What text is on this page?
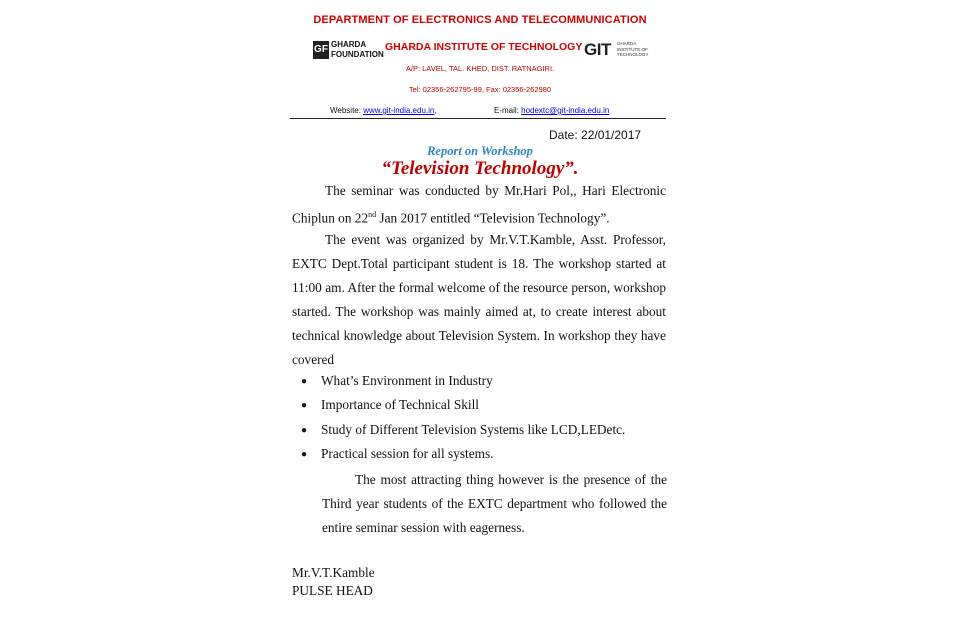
DEPARTMENT OF ELECTRONICS AND TELECOMMUNICATION
GF GHARDA
FOUNDATION
GHARDA INSTITUTE OF TECHNOLOGY GIT GHARDA
INSTITUTE OF
TECHNOLOGY
A/P: LAVEL, TAL. KHED, DIST. RATNAGIRI.
Tel: 02356-262795-99, Fax: 02356-262980
Website: www.git-india.edu.in,	E-mail: hodextc@git-india.edu.in
Date: 22/01/2017
Report on Workshop
“Television Technology”.
The seminar was conducted by Mr.Hari Pol,, Hari Electronic
Chiplun on 22nd Jan 2017 entitled “Television Technology”.
The event was organized by Mr.V.T.Kamble, Asst. Professor, EXTC Dept.Total participant student is 18. The workshop started at 11:00 am. After the formal welcome of the resource person, workshop started. The workshop was mainly aimed at, to create interest about technical knowledge about Television System. In workshop they have covered
● What’s Environment in Industry
● Importance of Technical Skill
● Study of Different Television Systems like LCD,LEDetc.
● Practical session for all systems.
The most attracting thing however is the presence of the Third year students of the EXTC department who followed the entire seminar session with eagerness.
Mr.V.T.Kamble
PULSE HEAD
